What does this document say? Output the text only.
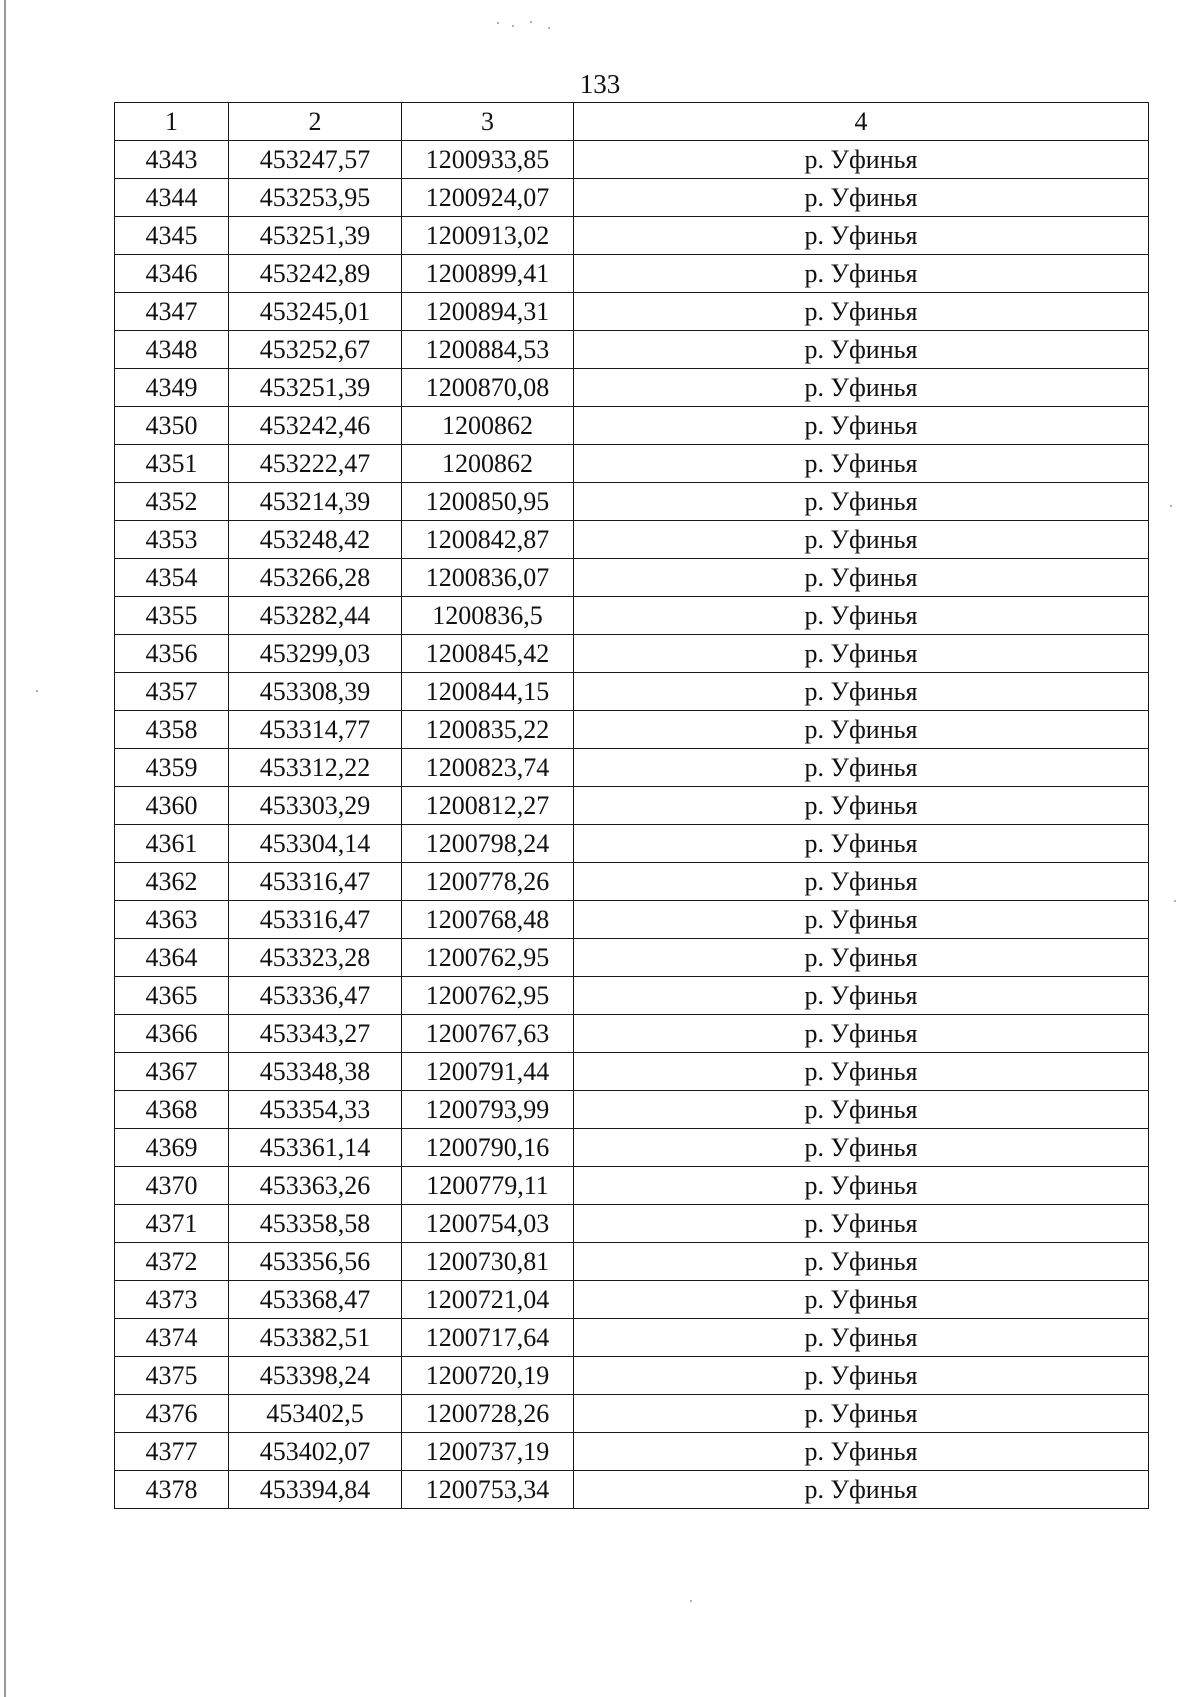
133
1	2	3	4
4343	453247,57	1200933,85	р. Уфинья
4344	453253,95	1200924,07	р. Уфинья
4345	453251,39	1200913,02	р. Уфинья
4346	453242,89	1200899,41	р. Уфинья
4347	453245,01	1200894,31	р. Уфинья
4348	453252,67	1200884,53	р. Уфинья
4349	453251,39	1200870,08	р. Уфинья
4350	453242,46	1200862	р. Уфинья
4351	453222,47	1200862	р. Уфинья
4352	453214,39	1200850,95	р. Уфинья
4353	453248,42	1200842,87	р. Уфинья
4354	453266,28	1200836,07	р. Уфинья
4355	453282,44	1200836,5	р. Уфинья
4356	453299,03	1200845,42	р. Уфинья
4357	453308,39	1200844,15	р. Уфинья
4358	453314,77	1200835,22	р. Уфинья
4359	453312,22	1200823,74	р. Уфинья
4360	453303,29	1200812,27	р. Уфинья
4361	453304,14	1200798,24	р. Уфинья
4362	453316,47	1200778,26	р. Уфинья
4363	453316,47	1200768,48	р. Уфинья
4364	453323,28	1200762,95	р. Уфинья
4365	453336,47	1200762,95	р. Уфинья
4366	453343,27	1200767,63	р. Уфинья
4367	453348,38	1200791,44	р. Уфинья
4368	453354,33	1200793,99	р. Уфинья
4369	453361,14	1200790,16	р. Уфинья
4370	453363,26	1200779,11	р. Уфинья
4371	453358,58	1200754,03	р. Уфинья
4372	453356,56	1200730,81	р. Уфинья
4373	453368,47	1200721,04	р. Уфинья
4374	453382,51	1200717,64	р. Уфинья
4375	453398,24	1200720,19	р. Уфинья
4376	453402,5	1200728,26	р. Уфинья
4377	453402,07	1200737,19	р. Уфинья
4378	453394,84	1200753,34	р. Уфинья
